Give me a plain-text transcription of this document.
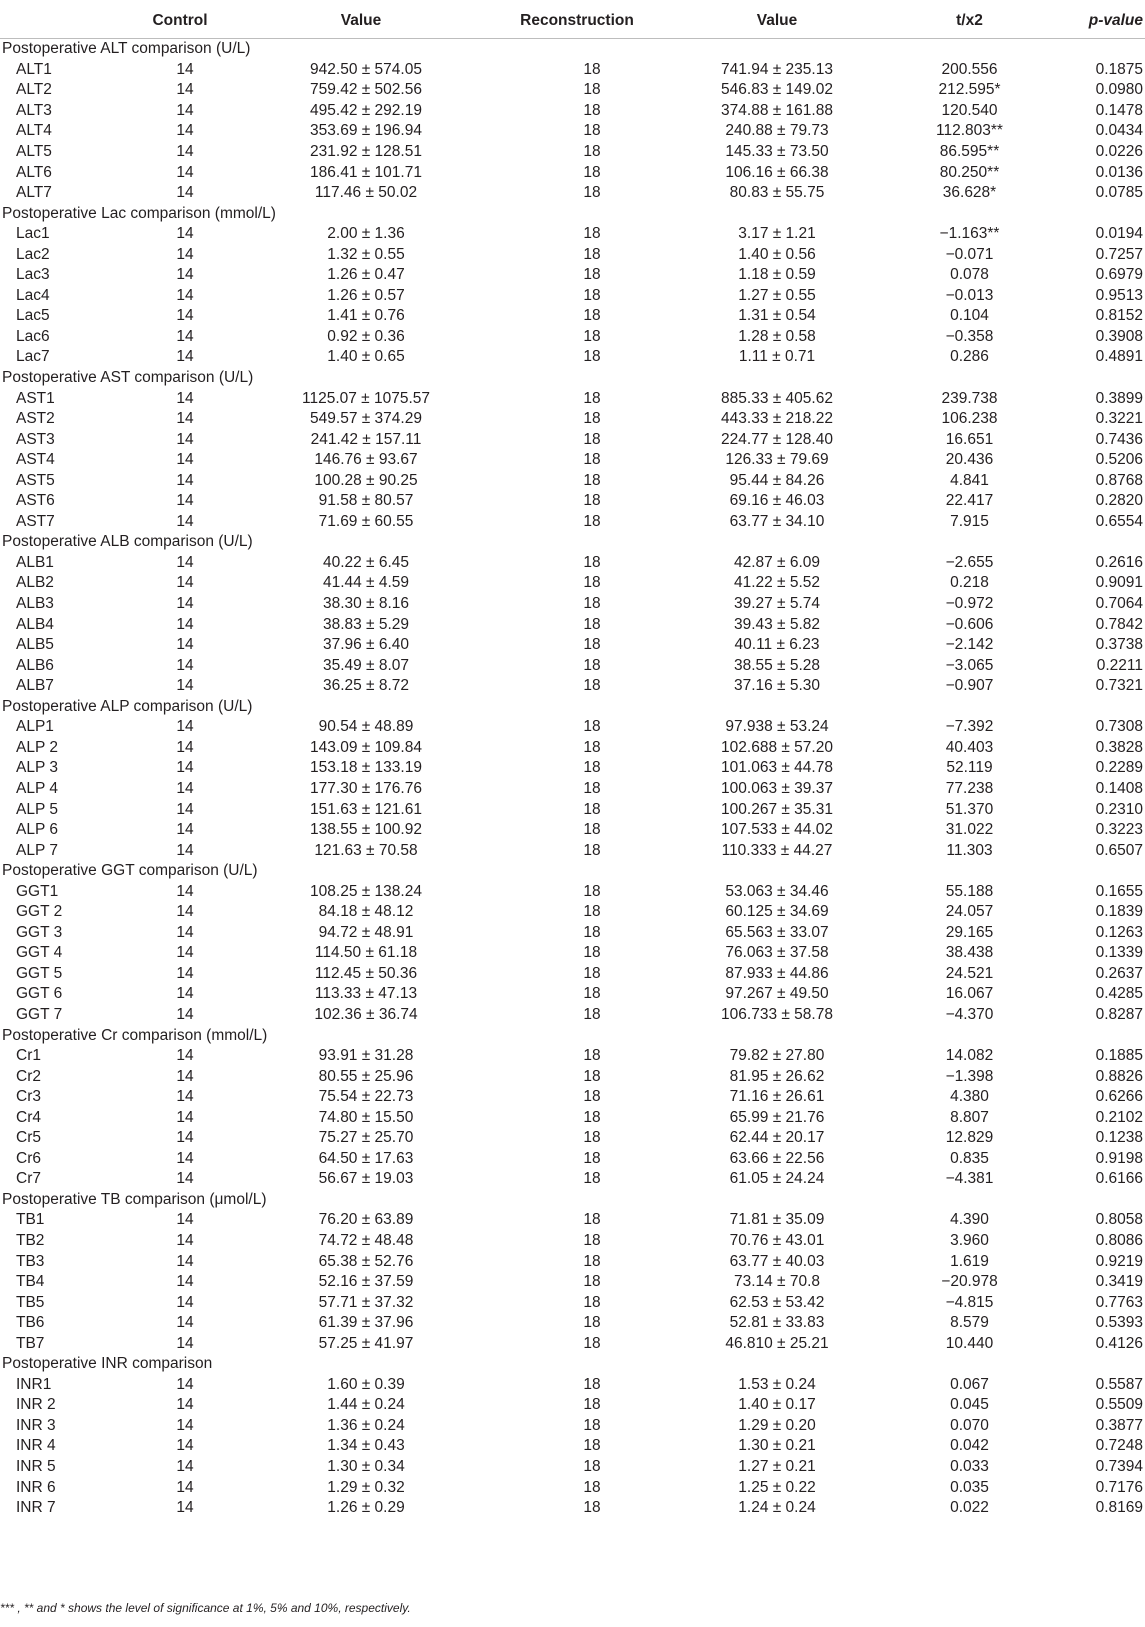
	Control	Value	Reconstruction	Value	t/x2	p-value
Postoperative ALT comparison (U/L)						
ALT1	14	942.50 ± 574.05	18	741.94 ± 235.13	200.556	0.1875
ALT2	14	759.42 ± 502.56	18	546.83 ± 149.02	212.595*	0.0980
ALT3	14	495.42 ± 292.19	18	374.88 ± 161.88	120.540	0.1478
ALT4	14	353.69 ± 196.94	18	240.88 ± 79.73	112.803**	0.0434
ALT5	14	231.92 ± 128.51	18	145.33 ± 73.50	86.595**	0.0226
ALT6	14	186.41 ± 101.71	18	106.16 ± 66.38	80.250**	0.0136
ALT7	14	117.46 ± 50.02	18	80.83 ± 55.75	36.628*	0.0785
Postoperative Lac comparison (mmol/L)						
Lac1	14	2.00 ± 1.36	18	3.17 ± 1.21	−1.163**	0.0194
Lac2	14	1.32 ± 0.55	18	1.40 ± 0.56	−0.071	0.7257
Lac3	14	1.26 ± 0.47	18	1.18 ± 0.59	0.078	0.6979
Lac4	14	1.26 ± 0.57	18	1.27 ± 0.55	−0.013	0.9513
Lac5	14	1.41 ± 0.76	18	1.31 ± 0.54	0.104	0.8152
Lac6	14	0.92 ± 0.36	18	1.28 ± 0.58	−0.358	0.3908
Lac7	14	1.40 ± 0.65	18	1.11 ± 0.71	0.286	0.4891
Postoperative AST comparison (U/L)						
AST1	14	1125.07 ± 1075.57	18	885.33 ± 405.62	239.738	0.3899
AST2	14	549.57 ± 374.29	18	443.33 ± 218.22	106.238	0.3221
AST3	14	241.42 ± 157.11	18	224.77 ± 128.40	16.651	0.7436
AST4	14	146.76 ± 93.67	18	126.33 ± 79.69	20.436	0.5206
AST5	14	100.28 ± 90.25	18	95.44 ± 84.26	4.841	0.8768
AST6	14	91.58 ± 80.57	18	69.16 ± 46.03	22.417	0.2820
AST7	14	71.69 ± 60.55	18	63.77 ± 34.10	7.915	0.6554
Postoperative ALB comparison (U/L)						
ALB1	14	40.22 ± 6.45	18	42.87 ± 6.09	−2.655	0.2616
ALB2	14	41.44 ± 4.59	18	41.22 ± 5.52	0.218	0.9091
ALB3	14	38.30 ± 8.16	18	39.27 ± 5.74	−0.972	0.7064
ALB4	14	38.83 ± 5.29	18	39.43 ± 5.82	−0.606	0.7842
ALB5	14	37.96 ± 6.40	18	40.11 ± 6.23	−2.142	0.3738
ALB6	14	35.49 ± 8.07	18	38.55 ± 5.28	−3.065	0.2211
ALB7	14	36.25 ± 8.72	18	37.16 ± 5.30	−0.907	0.7321
Postoperative ALP comparison (U/L)						
ALP1	14	90.54 ± 48.89	18	97.938 ± 53.24	−7.392	0.7308
ALP 2	14	143.09 ± 109.84	18	102.688 ± 57.20	40.403	0.3828
ALP 3	14	153.18 ± 133.19	18	101.063 ± 44.78	52.119	0.2289
ALP 4	14	177.30 ± 176.76	18	100.063 ± 39.37	77.238	0.1408
ALP 5	14	151.63 ± 121.61	18	100.267 ± 35.31	51.370	0.2310
ALP 6	14	138.55 ± 100.92	18	107.533 ± 44.02	31.022	0.3223
ALP 7	14	121.63 ± 70.58	18	110.333 ± 44.27	11.303	0.6507
Postoperative GGT comparison (U/L)						
GGT1	14	108.25 ± 138.24	18	53.063 ± 34.46	55.188	0.1655
GGT 2	14	84.18 ± 48.12	18	60.125 ± 34.69	24.057	0.1839
GGT 3	14	94.72 ± 48.91	18	65.563 ± 33.07	29.165	0.1263
GGT 4	14	114.50 ± 61.18	18	76.063 ± 37.58	38.438	0.1339
GGT 5	14	112.45 ± 50.36	18	87.933 ± 44.86	24.521	0.2637
GGT 6	14	113.33 ± 47.13	18	97.267 ± 49.50	16.067	0.4285
GGT 7	14	102.36 ± 36.74	18	106.733 ± 58.78	−4.370	0.8287
Postoperative Cr comparison (mmol/L)						
Cr1	14	93.91 ± 31.28	18	79.82 ± 27.80	14.082	0.1885
Cr2	14	80.55 ± 25.96	18	81.95 ± 26.62	−1.398	0.8826
Cr3	14	75.54 ± 22.73	18	71.16 ± 26.61	4.380	0.6266
Cr4	14	74.80 ± 15.50	18	65.99 ± 21.76	8.807	0.2102
Cr5	14	75.27 ± 25.70	18	62.44 ± 20.17	12.829	0.1238
Cr6	14	64.50 ± 17.63	18	63.66 ± 22.56	0.835	0.9198
Cr7	14	56.67 ± 19.03	18	61.05 ± 24.24	−4.381	0.6166
Postoperative TB comparison (μmol/L)						
TB1	14	76.20 ± 63.89	18	71.81 ± 35.09	4.390	0.8058
TB2	14	74.72 ± 48.48	18	70.76 ± 43.01	3.960	0.8086
TB3	14	65.38 ± 52.76	18	63.77 ± 40.03	1.619	0.9219
TB4	14	52.16 ± 37.59	18	73.14 ± 70.8	−20.978	0.3419
TB5	14	57.71 ± 37.32	18	62.53 ± 53.42	−4.815	0.7763
TB6	14	61.39 ± 37.96	18	52.81 ± 33.83	8.579	0.5393
TB7	14	57.25 ± 41.97	18	46.810 ± 25.21	10.440	0.4126
Postoperative INR comparison						
INR1	14	1.60 ± 0.39	18	1.53 ± 0.24	0.067	0.5587
INR 2	14	1.44 ± 0.24	18	1.40 ± 0.17	0.045	0.5509
INR 3	14	1.36 ± 0.24	18	1.29 ± 0.20	0.070	0.3877
INR 4	14	1.34 ± 0.43	18	1.30 ± 0.21	0.042	0.7248
INR 5	14	1.30 ± 0.34	18	1.27 ± 0.21	0.033	0.7394
INR 6	14	1.29 ± 0.32	18	1.25 ± 0.22	0.035	0.7176
INR 7	14	1.26 ± 0.29	18	1.24 ± 0.24	0.022	0.8169
*** , ** and * shows the level of significance at 1%, 5% and 10%, respectively.
